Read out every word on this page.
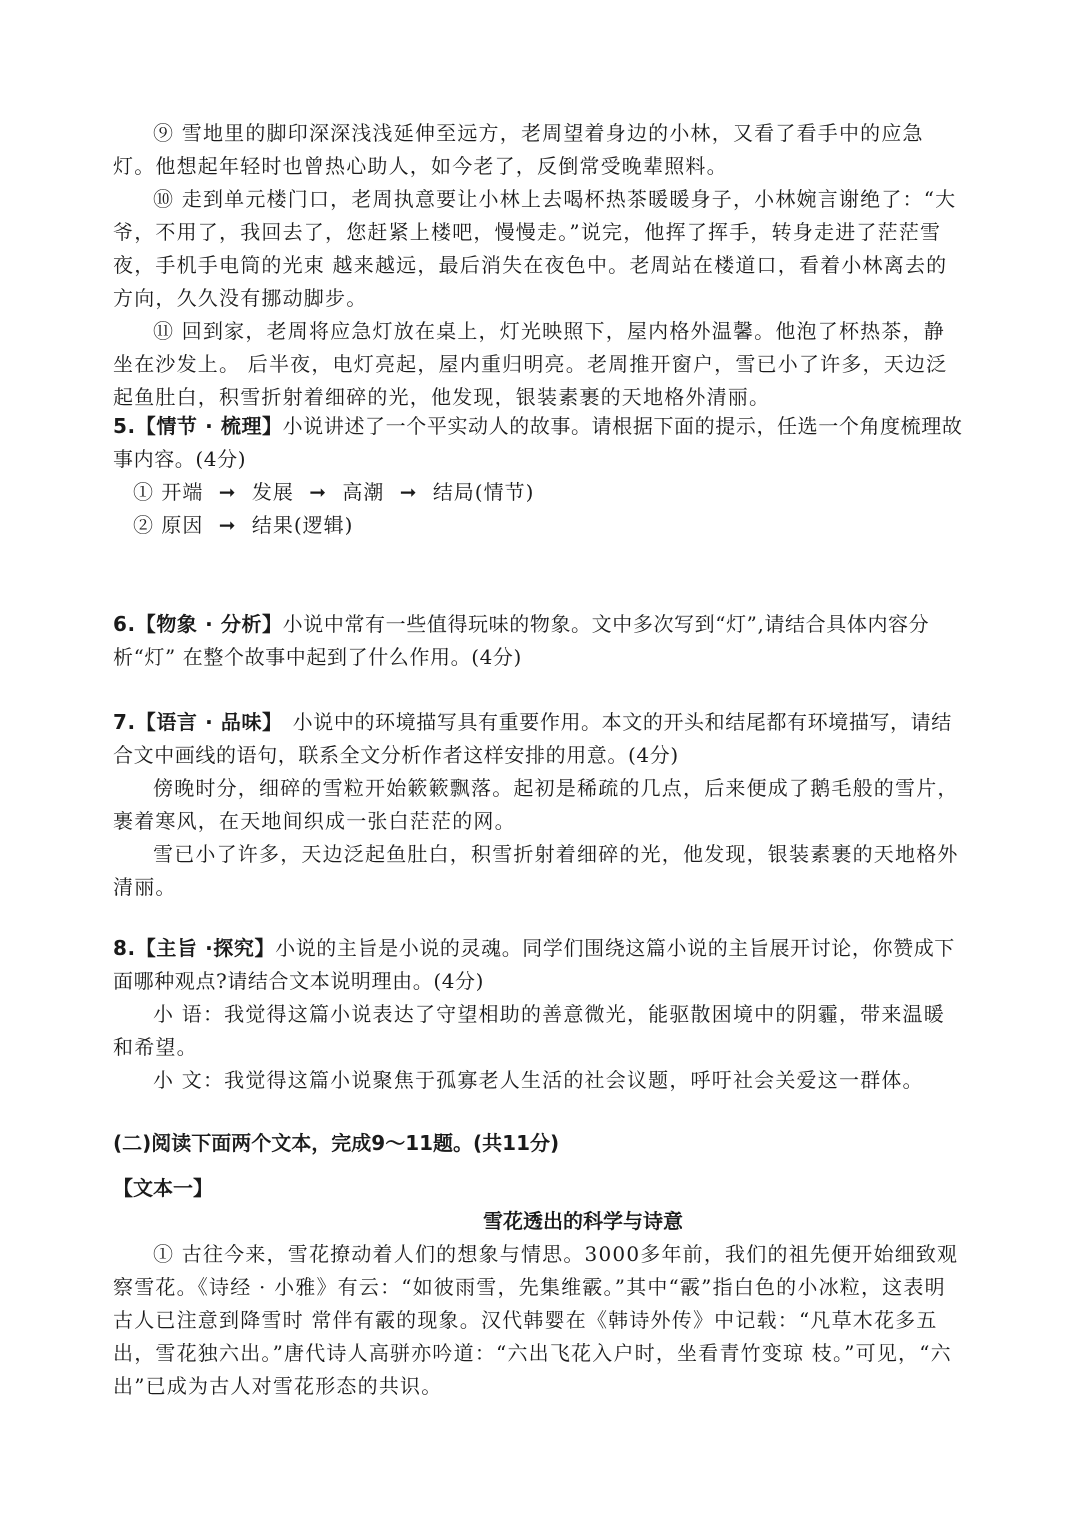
⑨ 雪地里的脚印深深浅浅延伸至远方，老周望着身边的小林，又看了看手中的应急灯。他想起年轻时也曾热心助人，如今老了，反倒常受晚辈照料。

⑩ 走到单元楼门口，老周执意要让小林上去喝杯热茶暖暖身子，小林婉言谢绝了：“大爷，不用了，我回去了，您赶紧上楼吧，慢慢走。”说完，他挥了挥手，转身走进了茫茫雪夜，手机手电筒的光束 越来越远，最后消失在夜色中。老周站在楼道口，看着小林离去的方向，久久没有挪动脚步。

⑪ 回到家，老周将应急灯放在桌上，灯光映照下，屋内格外温馨。他泡了杯热茶，静坐在沙发上。 后半夜，电灯亮起，屋内重归明亮。老周推开窗户，雪已小了许多，天边泛起鱼肚白，积雪折射着细碎的光，他发现，银装素裹的天地格外清丽。

5.【情节 · 梳理】小说讲述了一个平实动人的故事。请根据下面的提示，任选一个角度梳理故事内容。(4分)

① 开端 ➞ 发展 ➞ 高潮 ➞ 结局(情节)

② 原因 ➞ 结果(逻辑)

6.【物象 · 分析】小说中常有一些值得玩味的物象。文中多次写到“灯”,请结合具体内容分析“灯” 在整个故事中起到了什么作用。(4分)

7.【语言 · 品味】 小说中的环境描写具有重要作用。本文的开头和结尾都有环境描写，请结合文中画线的语句，联系全文分析作者这样安排的用意。(4分)

傍晚时分，细碎的雪粒开始簌簌飘落。起初是稀疏的几点，后来便成了鹅毛般的雪片，裹着寒风，在天地间织成一张白茫茫的网。

雪已小了许多，天边泛起鱼肚白，积雪折射着细碎的光，他发现，银装素裹的天地格外清丽。

8.【主旨 ·探究】小说的主旨是小说的灵魂。同学们围绕这篇小说的主旨展开讨论，你赞成下面哪种观点?请结合文本说明理由。(4分)

小 语：我觉得这篇小说表达了守望相助的善意微光，能驱散困境中的阴霾，带来温暖和希望。

小 文：我觉得这篇小说聚焦于孤寡老人生活的社会议题，呼吁社会关爱这一群体。

(二)阅读下面两个文本，完成9～11题。(共11分)

【文本一】

雪花透出的科学与诗意

① 古往今来，雪花撩动着人们的想象与情思。3000多年前，我们的祖先便开始细致观察雪花。《诗经 · 小雅》有云：“如彼雨雪，先集维霰。”其中“霰”指白色的小冰粒，这表明古人已注意到降雪时 常伴有霰的现象。汉代韩婴在《韩诗外传》中记载：“凡草木花多五出，雪花独六出。”唐代诗人高骈亦吟道：“六出飞花入户时，坐看青竹变琼 枝。”可见，“六出”已成为古人对雪花形态的共识。
